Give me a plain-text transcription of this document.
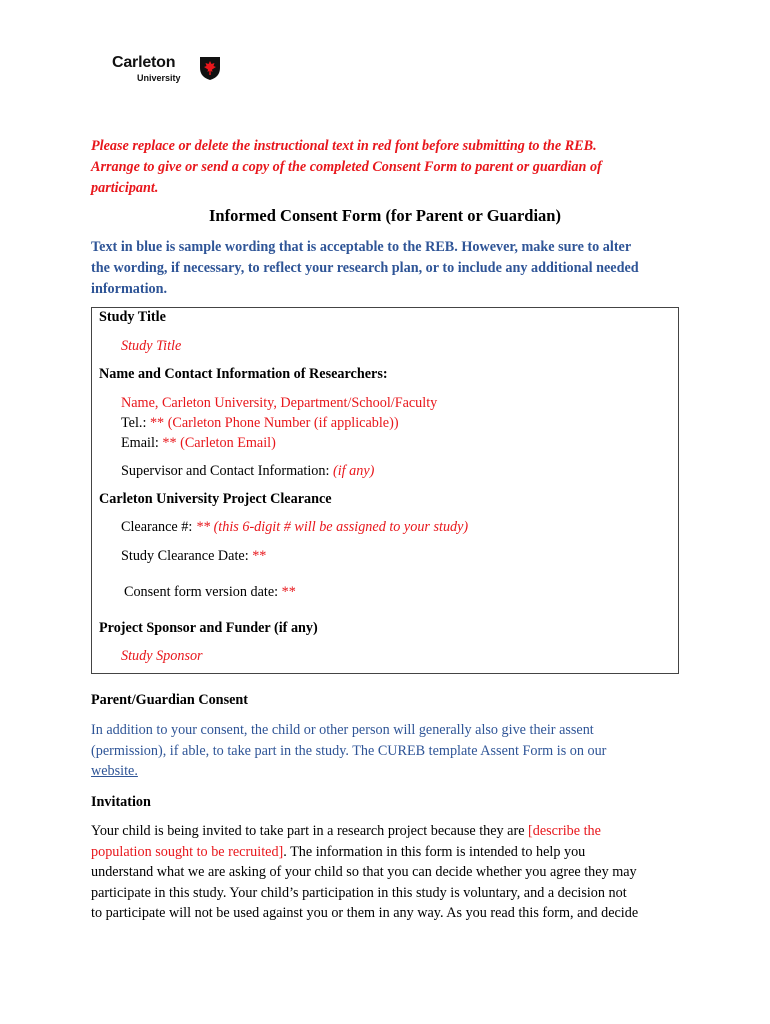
Carleton
University
Please replace or delete the instructional text in red font before submitting to the REB.
Arrange to give or send a copy of the completed Consent Form to parent or guardian of
participant.
Informed Consent Form (for Parent or Guardian)
Text in blue is sample wording that is acceptable to the REB. However, make sure to alter
the wording, if necessary, to reflect your research plan, or to include any additional needed
information.
Study Title
Study Title
Name and Contact Information of Researchers:
Name, Carleton University, Department/School/Faculty
Tel.: ** (Carleton Phone Number (if applicable))
Email: ** (Carleton Email)
Supervisor and Contact Information: (if any)
Carleton University Project Clearance
Clearance #: ** (this 6-digit # will be assigned to your study)
Study Clearance Date: **
Consent form version date: **
Project Sponsor and Funder (if any)
Study Sponsor
Parent/Guardian Consent
In addition to your consent, the child or other person will generally also give their assent
(permission), if able, to take part in the study. The CUREB template Assent Form is on our
website.
Invitation
Your child is being invited to take part in a research project because they are [describe the
population sought to be recruited]. The information in this form is intended to help you
understand what we are asking of your child so that you can decide whether you agree they may
participate in this study. Your child’s participation in this study is voluntary, and a decision not
to participate will not be used against you or them in any way. As you read this form, and decide
